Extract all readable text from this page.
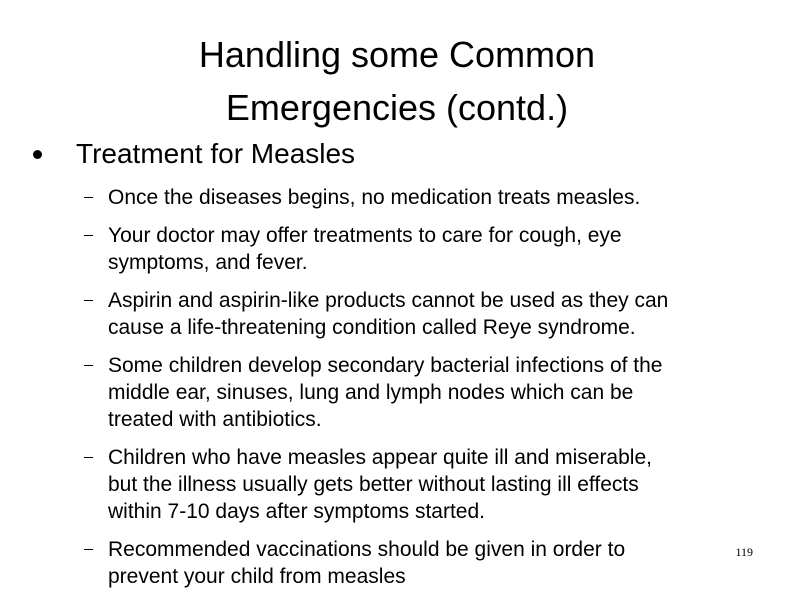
Handling some Common
Emergencies (contd.)
Treatment for Measles
Once the diseases begins, no medication treats measles.
Your doctor may offer treatments to care for cough, eye
symptoms, and fever.
Aspirin and aspirin-like products cannot be used as they can
cause a life-threatening condition called Reye syndrome.
Some children develop secondary bacterial infections of the
middle ear, sinuses, lung and lymph nodes which can be
treated with antibiotics.
Children who have measles appear quite ill and miserable,
but the illness usually gets better without lasting ill effects
within 7-10 days after symptoms started.
Recommended vaccinations should be given in order to
prevent your child from measles
119
